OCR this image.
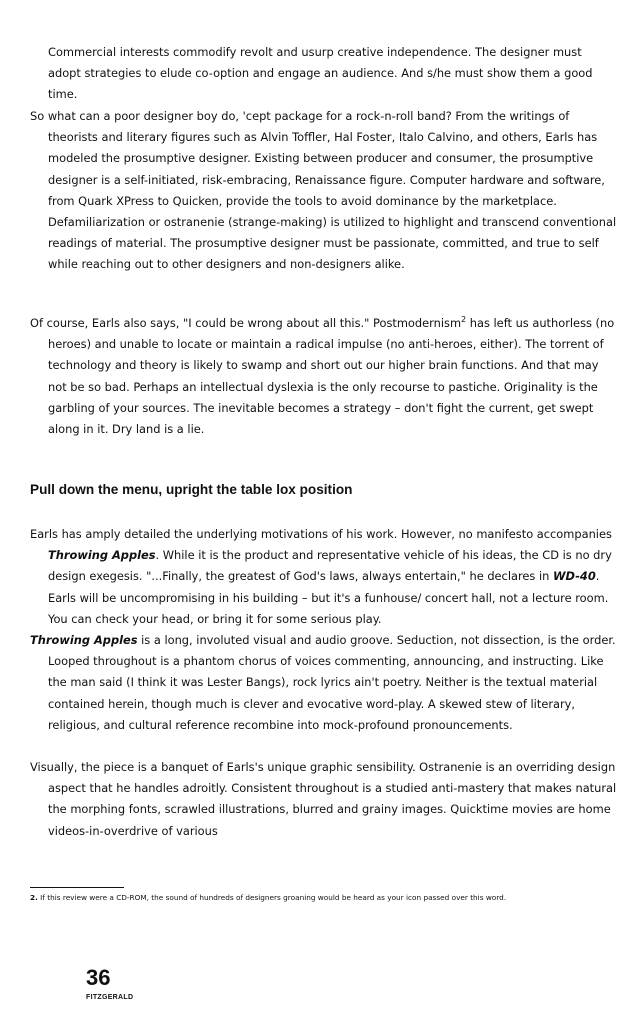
Commercial interests commodify revolt and usurp creative independence. The designer must adopt strategies to elude co-option and engage an audience. And s/he must show them a good time.

So what can a poor designer boy do, 'cept package for a rock-n-roll band? From the writings of theorists and literary figures such as Alvin Toffler, Hal Foster, Italo Calvino, and others, Earls has modeled the prosumptive designer. Existing between producer and consumer, the prosumptive designer is a self-initiated, risk-embracing, Renaissance figure. Computer hardware and software, from Quark XPress to Quicken, provide the tools to avoid dominance by the marketplace. Defamiliarization or ostranenie (strange-making) is utilized to highlight and transcend conventional readings of material. The prosumptive designer must be passionate, committed, and true to self while reaching out to other designers and non-designers alike.

Of course, Earls also says, "I could be wrong about all this." Postmodernism$^2$ has left us authorless (no heroes) and unable to locate or maintain a radical impulse (no anti-heroes, either). The torrent of technology and theory is likely to swamp and short out our higher brain functions. And that may not be so bad. Perhaps an intellectual dyslexia is the only recourse to pastiche. Originality is the garbling of your sources. The inevitable becomes a strategy – don't fight the current, get swept along in it. Dry land is a lie.

Pull down the menu, upright the table lox position

Earls has amply detailed the underlying motivations of his work. However, no manifesto accompanies Throwing Apples. While it is the product and representative vehicle of his ideas, the CD is no dry design exegesis. "...Finally, the greatest of God's laws, always entertain," he declares in WD-40. Earls will be uncompromising in his building – but it's a funhouse/ concert hall, not a lecture room. You can check your head, or bring it for some serious play.

Throwing Apples is a long, involuted visual and audio groove. Seduction, not dissection, is the order. Looped throughout is a phantom chorus of voices commenting, announcing, and instructing. Like the man said (I think it was Lester Bangs), rock lyrics ain't poetry. Neither is the textual material contained herein, though much is clever and evocative word-play. A skewed stew of literary, religious, and cultural reference recombine into mock-profound pronouncements.

Visually, the piece is a banquet of Earls's unique graphic sensibility. Ostranenie is an overriding design aspect that he handles adroitly. Consistent throughout is a studied anti-mastery that makes natural the morphing fonts, scrawled illustrations, blurred and grainy images. Quicktime movies are home videos-in-overdrive of various

2. If this review were a CD-ROM, the sound of hundreds of designers groaning would be heard as your icon passed over this word.

36

FITZGERALD
